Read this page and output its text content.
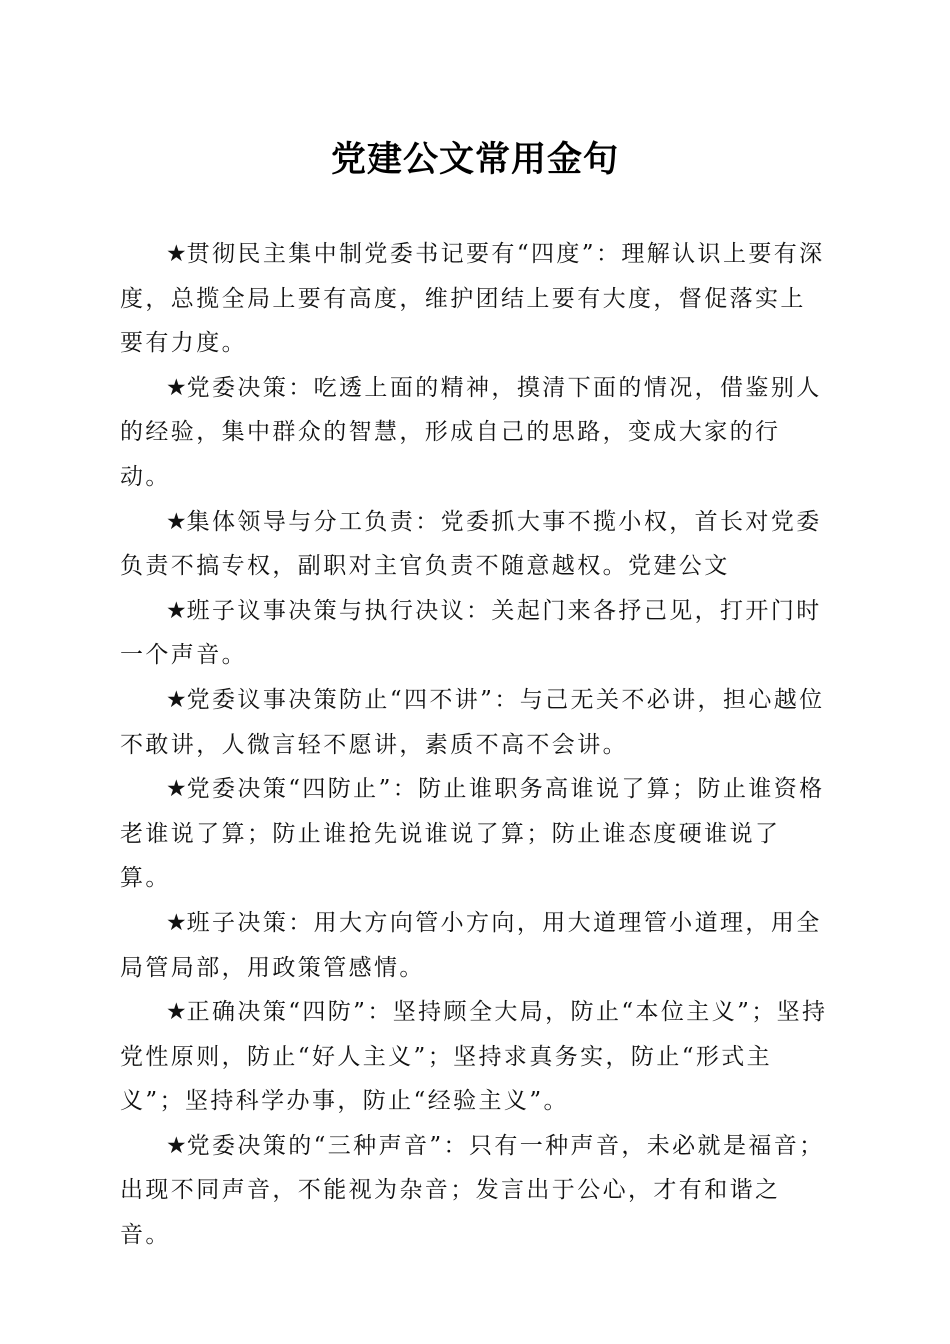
党建公文常用金句

★贯彻民主集中制党委书记要有“四度”：理解认识上要有深度，总揽全局上要有高度，维护团结上要有大度，督促落实上要有力度。

★党委决策：吃透上面的精神，摸清下面的情况，借鉴别人的经验，集中群众的智慧，形成自己的思路，变成大家的行动。

★集体领导与分工负责：党委抓大事不揽小权，首长对党委负责不搞专权，副职对主官负责不随意越权。党建公文

★班子议事决策与执行决议：关起门来各抒己见，打开门时一个声音。

★党委议事决策防止“四不讲”：与己无关不必讲，担心越位不敢讲，人微言轻不愿讲，素质不高不会讲。

★党委决策“四防止”：防止谁职务高谁说了算；防止谁资格老谁说了算；防止谁抢先说谁说了算；防止谁态度硬谁说了算。

★班子决策：用大方向管小方向，用大道理管小道理，用全局管局部，用政策管感情。

★正确决策“四防”：坚持顾全大局，防止“本位主义”；坚持党性原则，防止“好人主义”；坚持求真务实，防止“形式主义”；坚持科学办事，防止“经验主义”。

★党委决策的“三种声音”：只有一种声音，未必就是福音；出现不同声音，不能视为杂音；发言出于公心，才有和谐之音。
